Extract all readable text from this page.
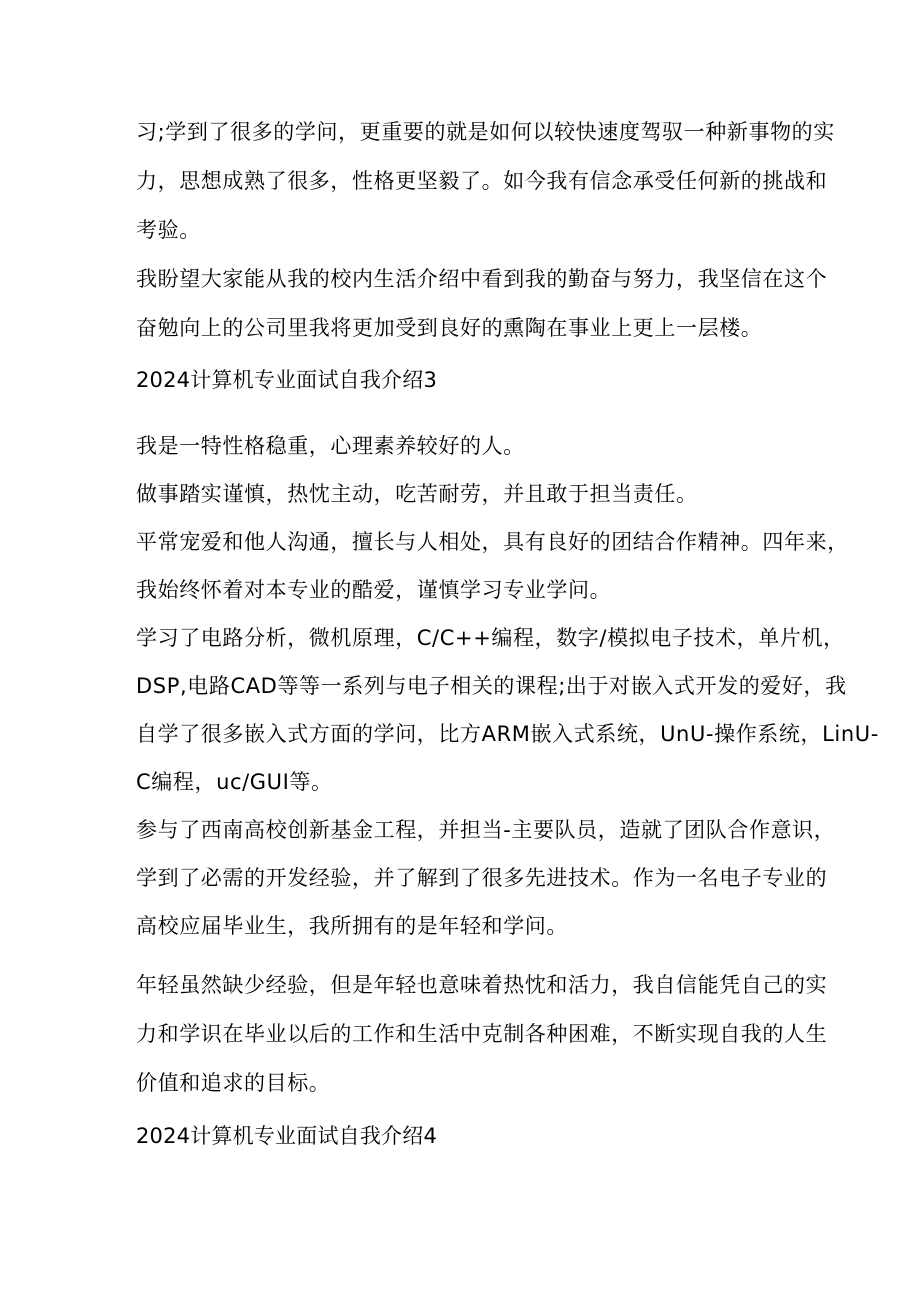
习;学到了很多的学问，更重要的就是如何以较快速度驾驭一种新事物的实
力，思想成熟了很多，性格更坚毅了。如今我有信念承受任何新的挑战和
考验。
我盼望大家能从我的校内生活介绍中看到我的勤奋与努力，我坚信在这个
奋勉向上的公司里我将更加受到良好的熏陶在事业上更上一层楼。
2024计算机专业面试自我介绍3
我是一特性格稳重，心理素养较好的人。
做事踏实谨慎，热忱主动，吃苦耐劳，并且敢于担当责任。
平常宠爱和他人沟通，擅长与人相处，具有良好的团结合作精神。四年来，
我始终怀着对本专业的酷爱，谨慎学习专业学问。
学习了电路分析，微机原理，C/C++编程，数字/模拟电子技术，单片机，
DSP,电路CAD等等一系列与电子相关的课程;出于对嵌入式开发的爱好，我
自学了很多嵌入式方面的学问，比方ARM嵌入式系统，UnU-操作系统，LinU-
C编程，uc/GUI等。
参与了西南高校创新基金工程，并担当-主要队员，造就了团队合作意识，
学到了必需的开发经验，并了解到了很多先进技术。作为一名电子专业的
高校应届毕业生，我所拥有的是年轻和学问。
年轻虽然缺少经验，但是年轻也意味着热忱和活力，我自信能凭自己的实
力和学识在毕业以后的工作和生活中克制各种困难，不断实现自我的人生
价值和追求的目标。
2024计算机专业面试自我介绍4
